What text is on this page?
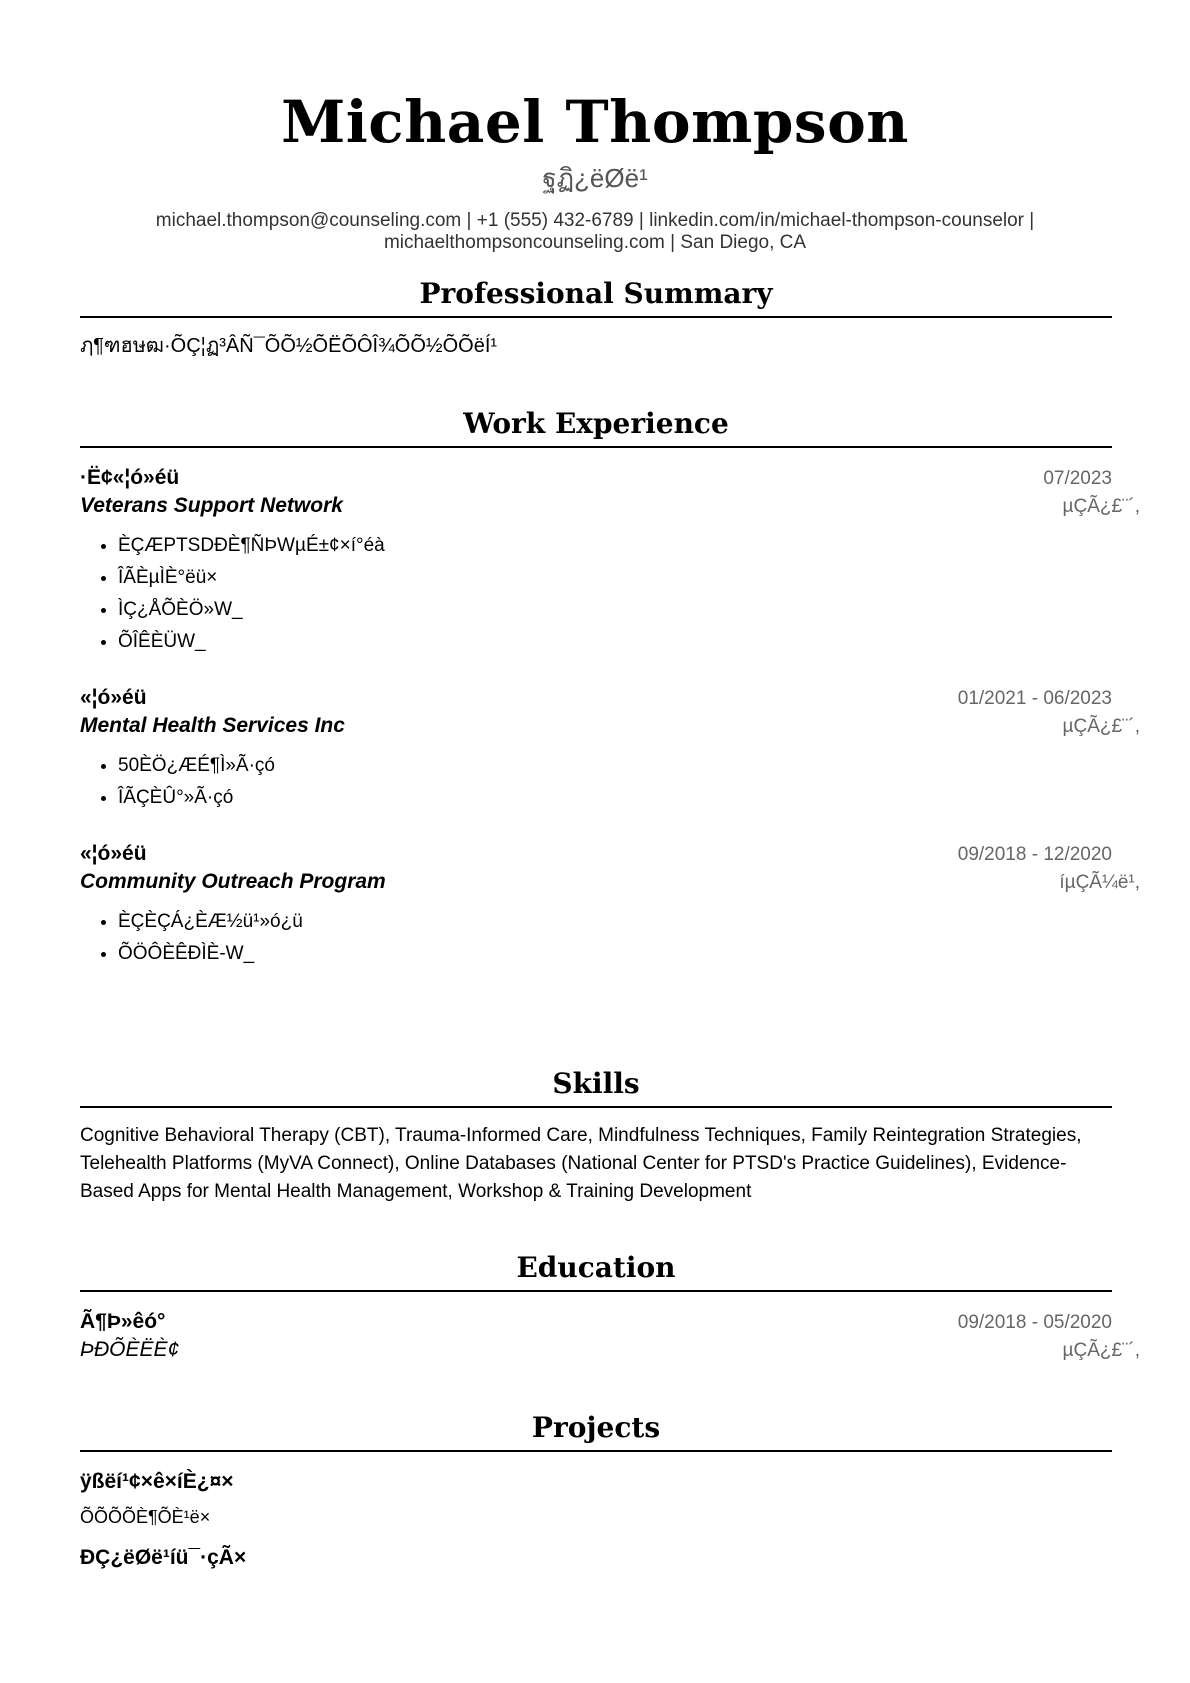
Michael Thompson
ฐฏิ¿ëØë¹
michael.thompson@counseling.com | +1 (555) 432-6789 | linkedin.com/in/michael-thompson-counselor |
michaelthompsoncounseling.com | San Diego, CA
Professional Summary
ฦ¶ฑฮษฒ·ÕÇ¦ฏ³ÂÑ¯ÕÕ½ÕËÕÔÎ¾ÕÕ½ÕÕëÍ¹
Work Experience
·Ë¢«¦ó»éü	07/2023
Veterans Support Network	µÇÃ¿£¨´,
• ÈÇÆPTSDÐÈ¶ÑÞWµÉ±¢×í°éà
• ÎÃÈµÌÈ°ëü×
• ÌÇ¿ÅÕÈÖ»W_
• ÕÎÊÈÜW_
«¦ó»éü	01/2021 - 06/2023
Mental Health Services Inc	µÇÃ¿£¨´,
• 50ÈÖ¿ÆÉ¶Ì»Ã·çó
• ÎÃÇÈÛ°»Ã·çó
«¦ó»éü	09/2018 - 12/2020
Community Outreach Program	íµÇÃ¼ë¹,
• ÈÇÈÇÁ¿ÈÆ½ü¹»ó¿ü
• ÕÖÔÈÊÐÌÈ-W_
Skills
Cognitive Behavioral Therapy (CBT), Trauma-Informed Care, Mindfulness Techniques, Family Reintegration Strategies, Telehealth Platforms (MyVA Connect), Online Databases (National Center for PTSD's Practice Guidelines), Evidence-Based Apps for Mental Health Management, Workshop & Training Development
Education
Ã¶Þ»êó°	09/2018 - 05/2020
ÞÐÕÈËÈ¢	µÇÃ¿£¨´,
Projects
ÿßëí¹¢×ê×íÈ¿¤×
ÕÕÕÕÈ¶ÕÈ¹ë×
ÐÇ¿ëØë¹íü¯·çÃ×
